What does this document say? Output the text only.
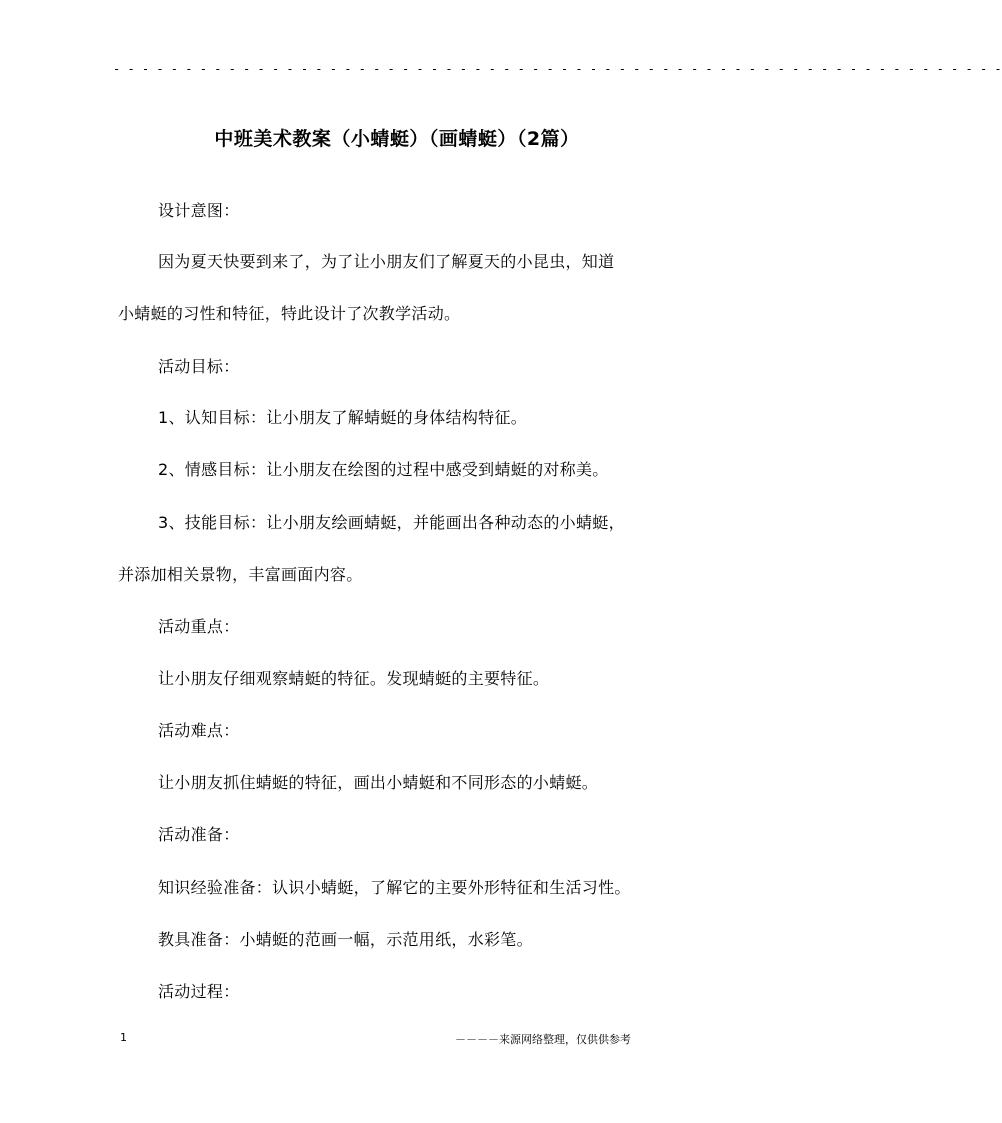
- - - - - - - - - - - - - - - - - - - - - - - - - - - - - - - - - - - - - - - - - - - - - - - - - - - - - - - - - - - - - -
中班美术教案（小蜻蜓）（画蜻蜓）（2篇）
设计意图：
因为夏天快要到来了，为了让小朋友们了解夏天的小昆虫，知道
小蜻蜓的习性和特征，特此设计了次教学活动。
活动目标：
1、认知目标：让小朋友了解蜻蜓的身体结构特征。
2、情感目标：让小朋友在绘图的过程中感受到蜻蜓的对称美。
3、技能目标：让小朋友绘画蜻蜓，并能画出各种动态的小蜻蜓，
并添加相关景物，丰富画面内容。
活动重点：
让小朋友仔细观察蜻蜓的特征。发现蜻蜓的主要特征。
活动难点：
让小朋友抓住蜻蜓的特征，画出小蜻蜓和不同形态的小蜻蜓。
活动准备：
知识经验准备：认识小蜻蜓，了解它的主要外形特征和生活习性。
教具准备：小蜻蜓的范画一幅，示范用纸，水彩笔。
活动过程：
1	－－－－来源网络整理，仅供供参考
